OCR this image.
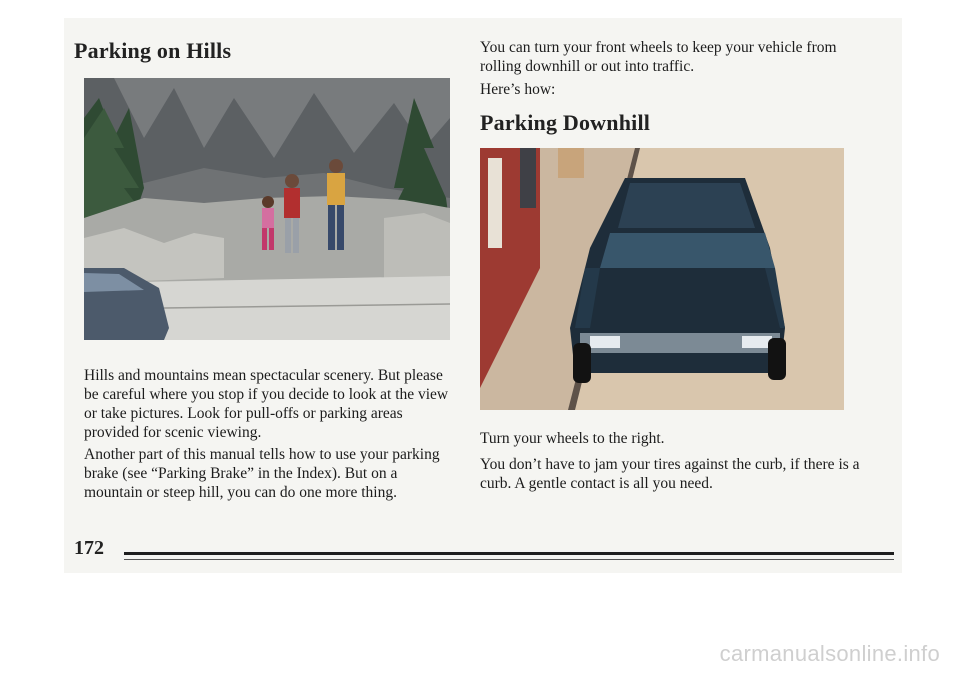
Parking on Hills

Hills and mountains mean spectacular scenery. But please be careful where you stop if you decide to look at the view or take pictures. Look for pull-offs or parking areas provided for scenic viewing.

Another part of this manual tells how to use your parking brake (see “Parking Brake” in the Index). But on a mountain or steep hill, you can do one more thing.

You can turn your front wheels to keep your vehicle from rolling downhill or out into traffic.

Here’s how:

Parking Downhill

Turn your wheels to the right.

You don’t have to jam your tires against the curb, if there is a curb. A gentle contact is all you need.

172
carmanualsonline.info
